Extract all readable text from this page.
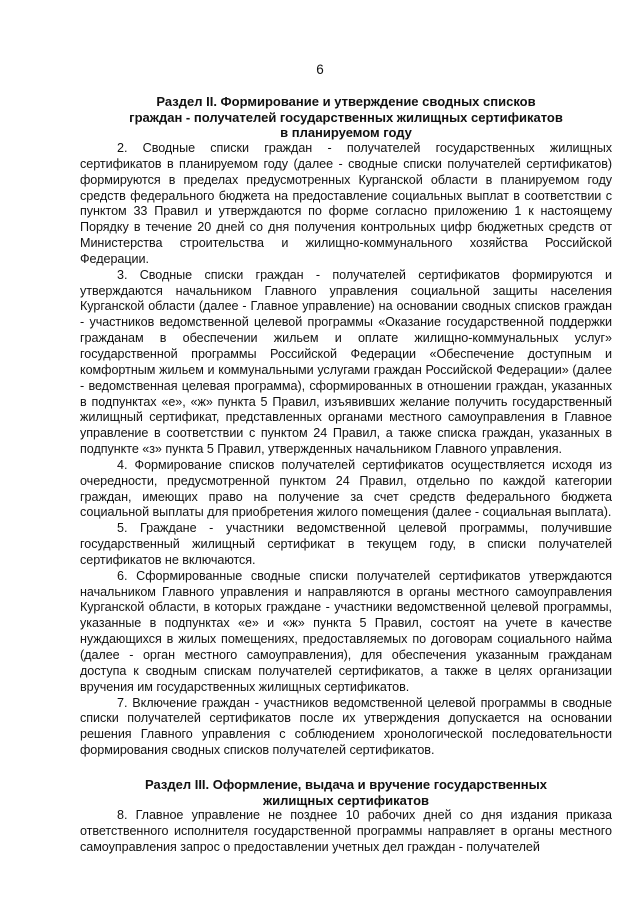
6
Раздел II. Формирование и утверждение сводных списков
граждан - получателей государственных жилищных сертификатов
в планируемом году

2. Сводные списки граждан - получателей государственных жилищных сертификатов в планируемом году (далее - сводные списки получателей сертификатов) формируются в пределах предусмотренных Курганской области в планируемом году средств федерального бюджета на предоставление социальных выплат в соответствии с пунктом 33 Правил и утверждаются по форме согласно приложению 1 к настоящему Порядку в течение 20 дней со дня получения контрольных цифр бюджетных средств от Министерства строительства и жилищно-коммунального хозяйства Российской Федерации.

3. Сводные списки граждан - получателей сертификатов формируются и утверждаются начальником Главного управления социальной защиты населения Курганской области (далее - Главное управление) на основании сводных списков граждан - участников ведомственной целевой программы «Оказание государственной поддержки гражданам в обеспечении жильем и оплате жилищно-коммунальных услуг» государственной программы Российской Федерации «Обеспечение доступным и комфортным жильем и коммунальными услугами граждан Российской Федерации» (далее - ведомственная целевая программа), сформированных в отношении граждан, указанных в подпунктах «е», «ж» пункта 5 Правил, изъявивших желание получить государственный жилищный сертификат, представленных органами местного самоуправления в Главное управление в соответствии с пунктом 24 Правил, а также списка граждан, указанных в подпункте «з» пункта 5 Правил, утвержденных начальником Главного управления.

4. Формирование списков получателей сертификатов осуществляется исходя из очередности, предусмотренной пунктом 24 Правил, отдельно по каждой категории граждан, имеющих право на получение за счет средств федерального бюджета социальной выплаты для приобретения жилого помещения (далее - социальная выплата).

5. Граждане - участники ведомственной целевой программы, получившие государственный жилищный сертификат в текущем году, в списки получателей сертификатов не включаются.

6. Сформированные сводные списки получателей сертификатов утверждаются начальником Главного управления и направляются в органы местного самоуправления Курганской области, в которых граждане - участники ведомственной целевой программы, указанные в подпунктах «е» и «ж» пункта 5 Правил, состоят на учете в качестве нуждающихся в жилых помещениях, предоставляемых по договорам социального найма (далее - орган местного самоуправления), для обеспечения указанным гражданам доступа к сводным спискам получателей сертификатов, а также в целях организации вручения им государственных жилищных сертификатов.

7. Включение граждан - участников ведомственной целевой программы в сводные списки получателей сертификатов после их утверждения допускается на основании решения Главного управления с соблюдением хронологической последовательности формирования сводных списков получателей сертификатов.

Раздел III. Оформление, выдача и вручение государственных
жилищных сертификатов

8. Главное управление не позднее 10 рабочих дней со дня издания приказа ответственного исполнителя государственной программы направляет в органы местного самоуправления запрос о предоставлении учетных дел граждан - получателей
